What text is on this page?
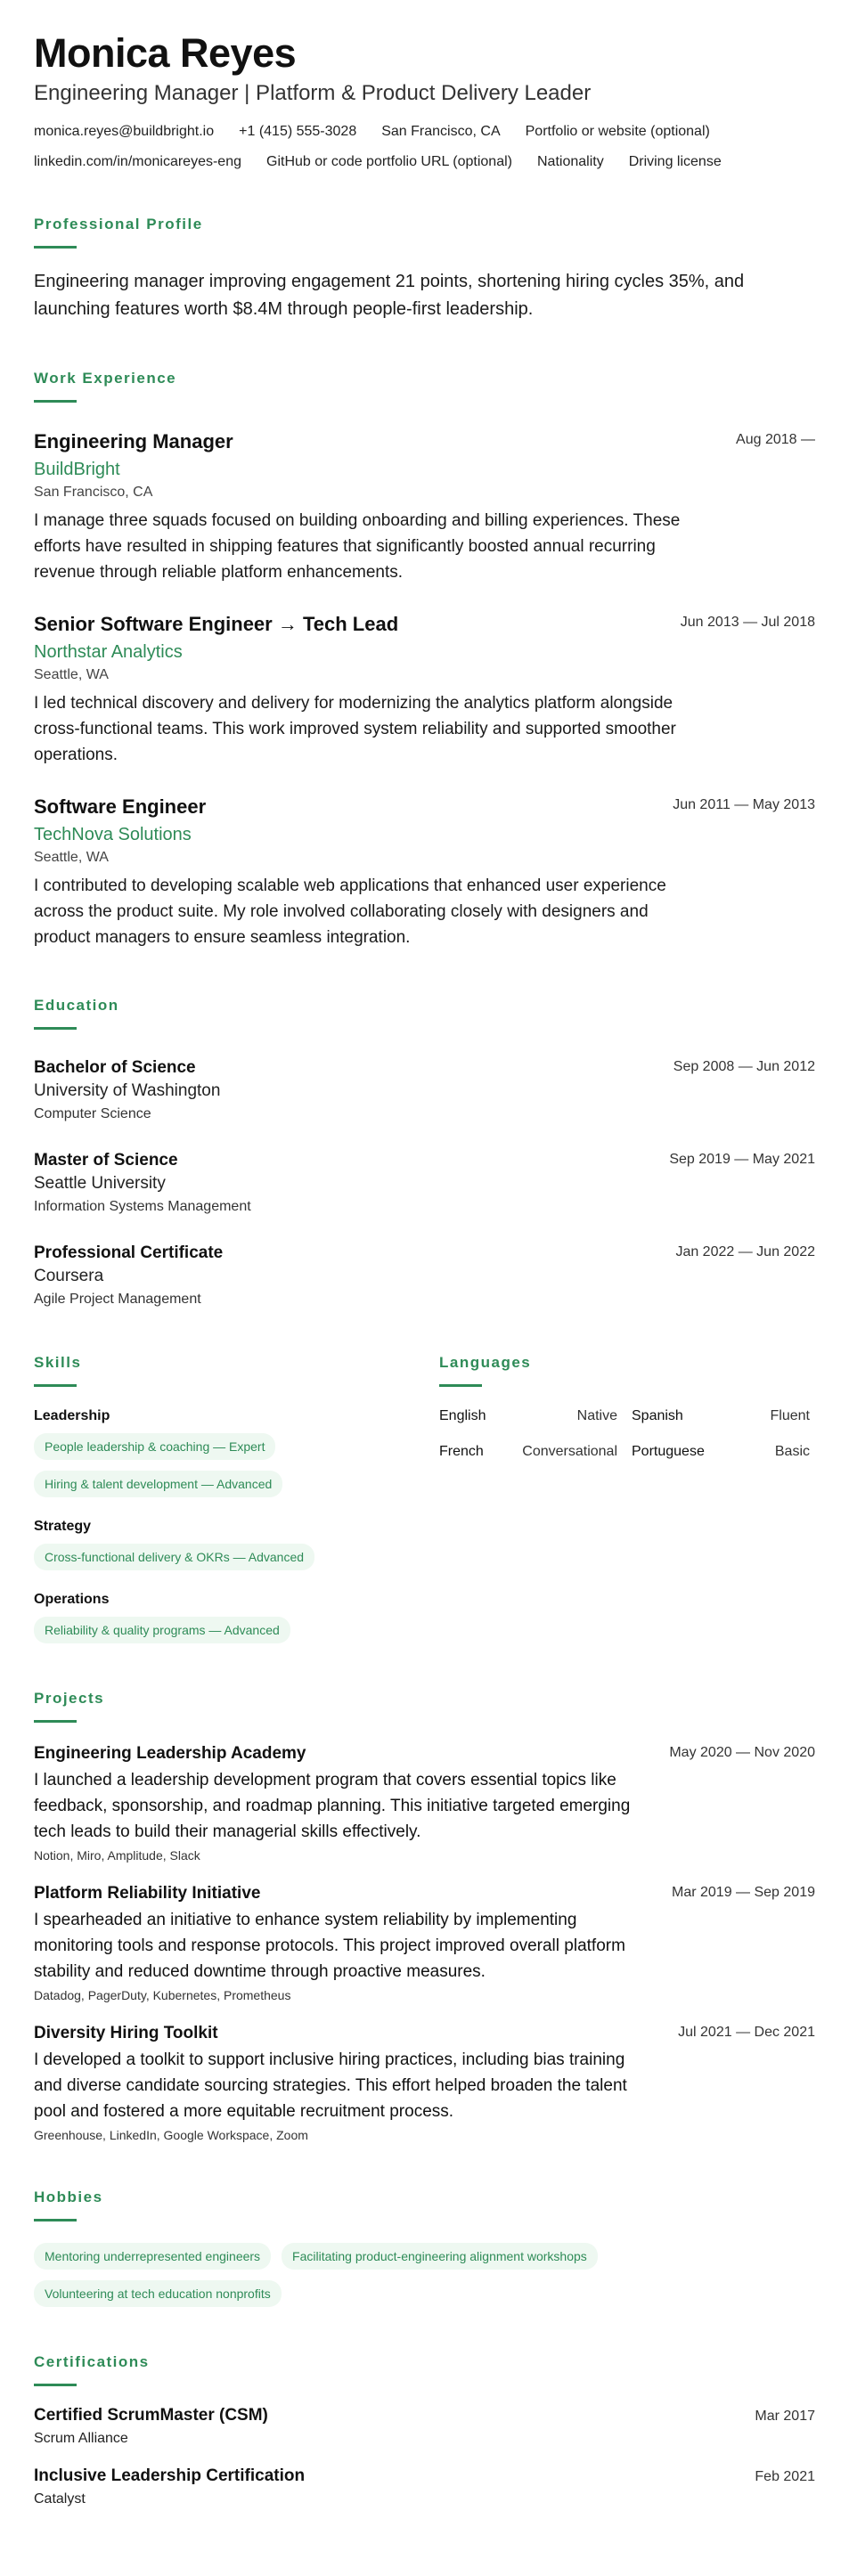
Monica Reyes
Engineering Manager | Platform & Product Delivery Leader
monica.reyes@buildbright.io +1 (415) 555-3028 San Francisco, CA Portfolio or website (optional)
linkedin.com/in/monicareyes-eng GitHub or code portfolio URL (optional) Nationality Driving license
Professional Profile
Engineering manager improving engagement 21 points, shortening hiring cycles 35%, and launching features worth $8.4M through people-first leadership.
Work Experience
Engineering Manager	Aug 2018 —
BuildBright
San Francisco, CA
I manage three squads focused on building onboarding and billing experiences. These efforts have resulted in shipping features that significantly boosted annual recurring revenue through reliable platform enhancements.
Senior Software Engineer → Tech Lead	Jun 2013 — Jul 2018
Northstar Analytics
Seattle, WA
I led technical discovery and delivery for modernizing the analytics platform alongside cross-functional teams. This work improved system reliability and supported smoother operations.
Software Engineer	Jun 2011 — May 2013
TechNova Solutions
Seattle, WA
I contributed to developing scalable web applications that enhanced user experience across the product suite. My role involved collaborating closely with designers and product managers to ensure seamless integration.
Education
Bachelor of Science	Sep 2008 — Jun 2012
University of Washington
Computer Science
Master of Science	Sep 2019 — May 2021
Seattle University
Information Systems Management
Professional Certificate	Jan 2022 — Jun 2022
Coursera
Agile Project Management
Skills
Leadership
People leadership & coaching — Expert
Hiring & talent development — Advanced
Strategy
Cross-functional delivery & OKRs — Advanced
Operations
Reliability & quality programs — Advanced
Languages
English	Native Spanish	Fluent
French	Conversational Portuguese	Basic
Projects
Engineering Leadership Academy	May 2020 — Nov 2020
I launched a leadership development program that covers essential topics like feedback, sponsorship, and roadmap planning. This initiative targeted emerging tech leads to build their managerial skills effectively.
Notion, Miro, Amplitude, Slack
Platform Reliability Initiative	Mar 2019 — Sep 2019
I spearheaded an initiative to enhance system reliability by implementing monitoring tools and response protocols. This project improved overall platform stability and reduced downtime through proactive measures.
Datadog, PagerDuty, Kubernetes, Prometheus
Diversity Hiring Toolkit	Jul 2021 — Dec 2021
I developed a toolkit to support inclusive hiring practices, including bias training and diverse candidate sourcing strategies. This effort helped broaden the talent pool and fostered a more equitable recruitment process.
Greenhouse, LinkedIn, Google Workspace, Zoom
Hobbies
Mentoring underrepresented engineers	Facilitating product-engineering alignment workshops
Volunteering at tech education nonprofits
Certifications
Certified ScrumMaster (CSM)	Mar 2017
Scrum Alliance
Inclusive Leadership Certification	Feb 2021
Catalyst
